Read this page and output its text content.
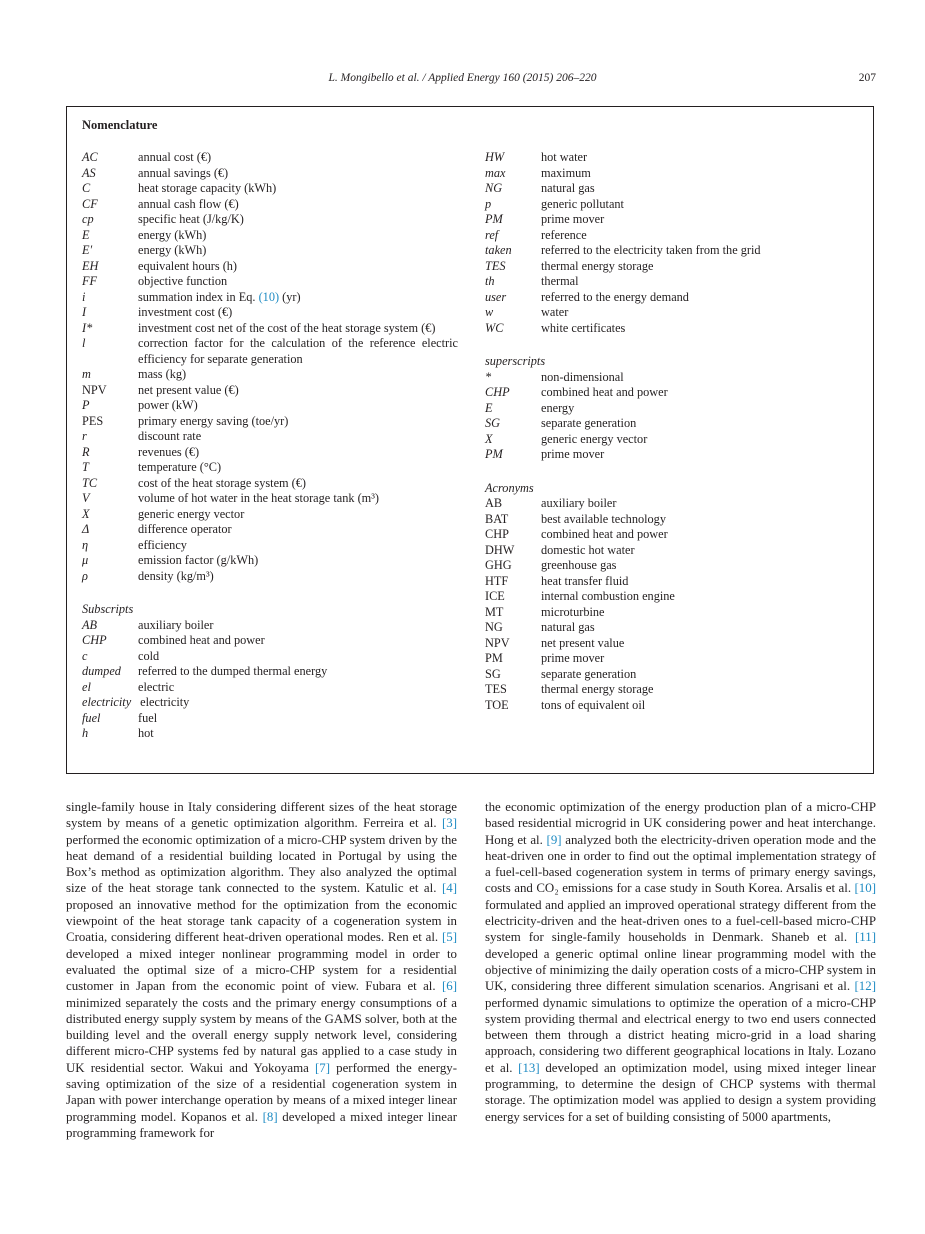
L. Mongibello et al. / Applied Energy 160 (2015) 206–220	207
Nomenclature
AC	annual cost (€)
AS	annual savings (€)
C	heat storage capacity (kWh)
CF	annual cash flow (€)
cp	specific heat (J/kg/K)
E	energy (kWh)
E′	energy (kWh)
EH	equivalent hours (h)
FF	objective function
i	summation index in Eq. (10) (yr)
I	investment cost (€)
I*	investment cost net of the cost of the heat storage system (€)
l	correction factor for the calculation of the reference electric efficiency for separate generation
m	mass (kg)
NPV	net present value (€)
P	power (kW)
PES	primary energy saving (toe/yr)
r	discount rate
R	revenues (€)
T	temperature (°C)
TC	cost of the heat storage system (€)
V	volume of hot water in the heat storage tank (m³)
X	generic energy vector
Δ	difference operator
η	efficiency
μ	emission factor (g/kWh)
ρ	density (kg/m³)
Subscripts
AB	auxiliary boiler
CHP	combined heat and power
c	cold
dumped	referred to the dumped thermal energy
el	electric
electricity electricity
fuel	fuel
h	hot
HW	hot water
max	maximum
NG	natural gas
p	generic pollutant
PM	prime mover
ref	reference
taken	referred to the electricity taken from the grid
TES	thermal energy storage
th	thermal
user	referred to the energy demand
w	water
WC	white certificates
superscripts
*	non-dimensional
CHP	combined heat and power
E	energy
SG	separate generation
X	generic energy vector
PM	prime mover
Acronyms
AB	auxiliary boiler
BAT	best available technology
CHP	combined heat and power
DHW	domestic hot water
GHG	greenhouse gas
HTF	heat transfer fluid
ICE	internal combustion engine
MT	microturbine
NG	natural gas
NPV	net present value
PM	prime mover
SG	separate generation
TES	thermal energy storage
TOE	tons of equivalent oil
single-family house in Italy considering different sizes of the heat storage system by means of a genetic optimization algorithm. Ferreira et al. [3] performed the economic optimization of a micro-CHP system driven by the heat demand of a residential building located in Portugal by using the Box’s method as optimization algorithm. They also analyzed the optimal size of the heat storage tank connected to the system. Katulic et al. [4] proposed an innovative method for the optimization from the economic viewpoint of the heat storage tank capacity of a cogeneration system in Croatia, considering different heat-driven operational modes. Ren et al. [5] developed a mixed integer nonlinear programming model in order to evaluated the optimal size of a micro-CHP system for a residential customer in Japan from the economic point of view. Fubara et al. [6] minimized separately the costs and the primary energy consumptions of a distributed energy supply system by means of the GAMS solver, both at the building level and the overall energy supply network level, considering different micro-CHP systems fed by natural gas applied to a case study in UK residential sector. Wakui and Yokoyama [7] performed the energy-saving optimization of the size of a residential cogeneration system in Japan with power interchange operation by means of a mixed integer linear programming model. Kopanos et al. [8] developed a mixed integer linear programming framework for
the economic optimization of the energy production plan of a micro-CHP based residential microgrid in UK considering power and heat interchange. Hong et al. [9] analyzed both the electricity-driven operation mode and the heat-driven one in order to find out the optimal implementation strategy of a fuel-cell-based cogeneration system in terms of primary energy savings, costs and CO₂ emissions for a case study in South Korea. Arsalis et al. [10] formulated and applied an improved operational strategy different from the electricity-driven and the heat-driven ones to a fuel-cell-based micro-CHP system for single-family households in Denmark. Shaneb et al. [11] developed a generic optimal online linear programming model with the objective of minimizing the daily operation costs of a micro-CHP system in UK, considering three different simulation scenarios. Angrisani et al. [12] performed dynamic simulations to optimize the operation of a micro-CHP system providing thermal and electrical energy to two end users connected between them through a district heating micro-grid in a load sharing approach, considering two different geographical locations in Italy. Lozano et al. [13] developed an optimization model, using mixed integer linear programming, to determine the design of CHCP systems with thermal storage. The optimization model was applied to design a system providing energy services for a set of building consisting of 5000 apartments,
